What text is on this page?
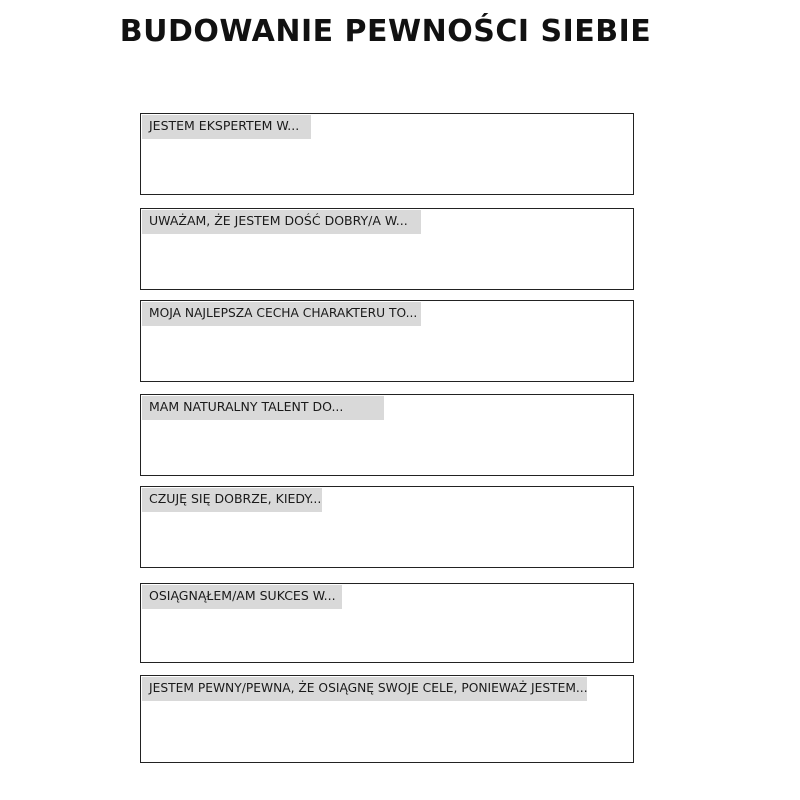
BUDOWANIE PEWNOŚCI SIEBIE
JESTEM EKSPERTEM W...
UWAŻAM, ŻE JESTEM DOŚĆ DOBRY/A W...
MOJA NAJLEPSZA CECHA CHARAKTERU TO...
MAM NATURALNY TALENT DO...
CZUJĘ SIĘ DOBRZE, KIEDY...
OSIĄGNĄŁEM/AM SUKCES W...
JESTEM PEWNY/PEWNA, ŻE OSIĄGNĘ SWOJE CELE, PONIEWAŻ JESTEM...
